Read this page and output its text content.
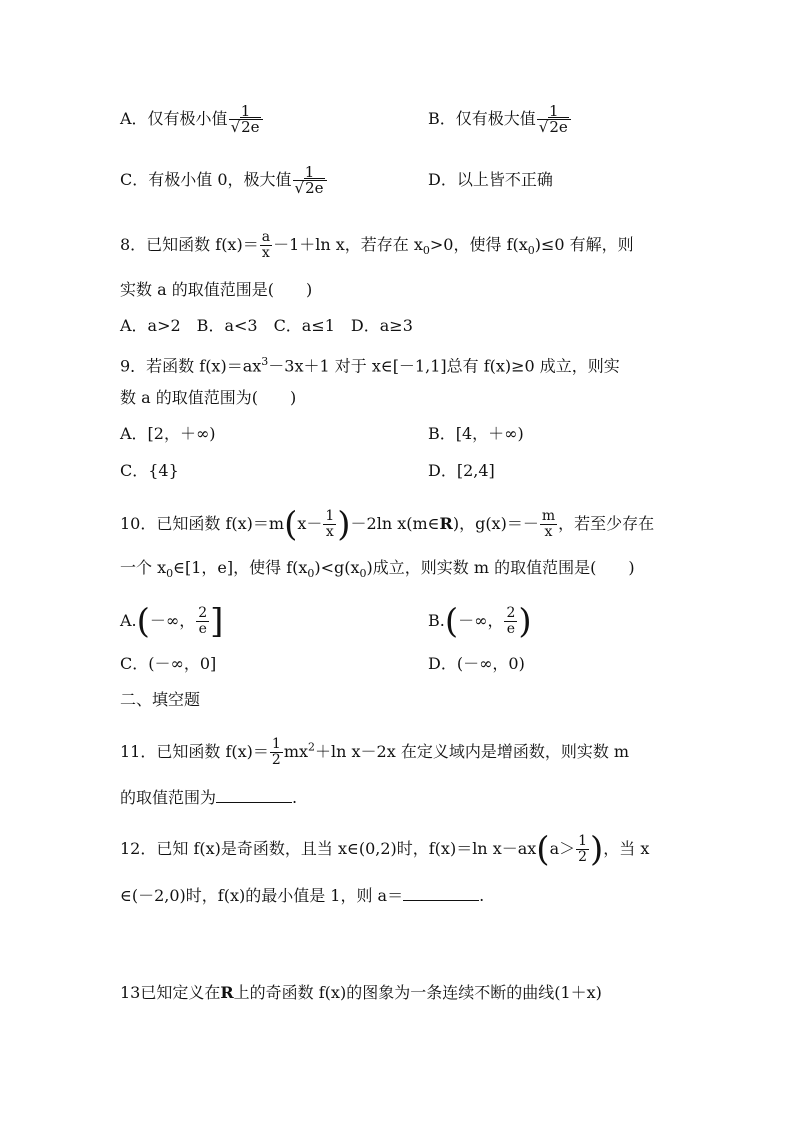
A．仅有极小值 $\frac{1}{√2e}$	B．仅有极大值 $\frac{1}{√2e}$
C．有极小值 0，极大值 $\frac{1}{√2e}$	D．以上皆不正确
8．已知函数 $f(x)= \frac{a}{x} -1+\ln$ x，若存在 $x_0>0$，使得 $f(x_0)\le 0$ 有解，则
实数 a 的取值范围是(　　)
A．a>2　B．a<3　C．a≤1　D．a≥3
9．若函数 $f(x)=ax^3-3x+1$ 对于 x∈[－1,1]总有 f(x)≥0 成立，则实
数 a 的取值范围为(　　)
A．[2，＋∞)	B．[4，＋∞)
C．{4}	D．[2,4]
10．已知函数 $f(x)=m(x- \frac{1}{x} )-2\ln$ x(m∈R)，$g(x)=- \frac{m}{x}$ ，若至少存在
一个 $x_0\in[1$，e]，使得 $f(x_0)<g(x_0)$成立，则实数 m 的取值范围是(　　)
A.(－∞， $\frac{2}{e}$ ]	B.(－∞， $\frac{2}{e}$ )
C．(－∞，0]	D．(－∞，0)
二、填空题
11．已知函数 $f(x)= \frac{1}{2} mx^2+\ln$ x－2x 在定义域内是增函数，则实数 m
的取值范围为	.
12．已知 f(x)是奇函数，且当 x∈(0,2)时，f(x)＝ln $x-ax(a> \frac{1}{2}$ )，当 x
∈(－2,0)时，f(x)的最小值是 1，则 a＝	.
13已知定义在R上的奇函数 f(x)的图象为一条连续不断的曲线(1＋x)
